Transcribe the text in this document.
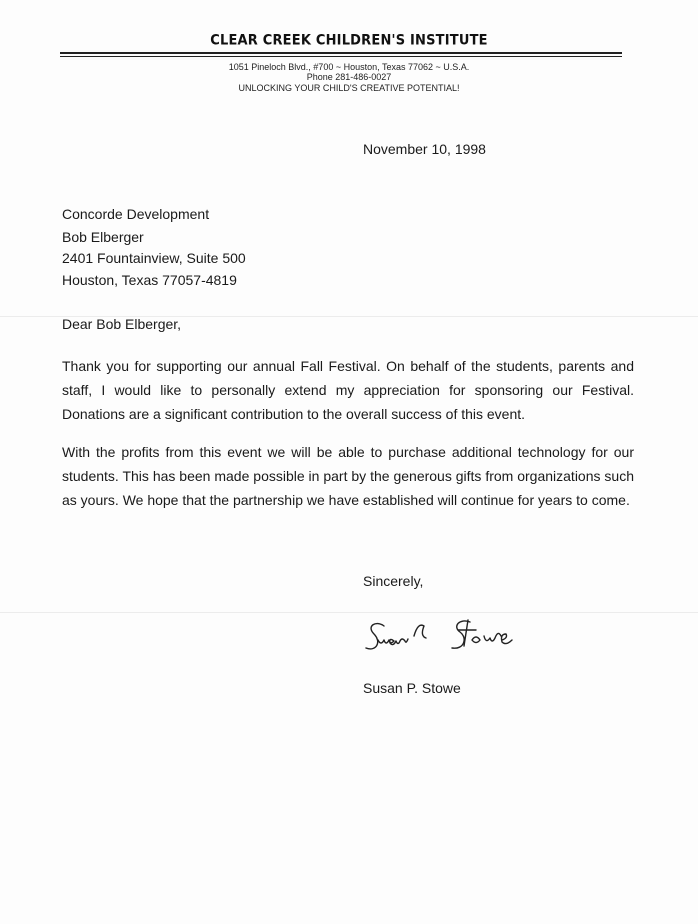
CLEAR CREEK CHILDREN'S INSTITUTE
1051 Pineloch Blvd., #700 ~ Houston, Texas 77062 ~ U.S.A.
Phone 281-486-0027
UNLOCKING YOUR CHILD'S CREATIVE POTENTIAL!
November 10, 1998
Concorde Development
Bob Elberger
2401 Fountainview, Suite 500
Houston, Texas 77057-4819
Dear Bob Elberger,

Thank you for supporting our annual Fall Festival. On behalf of the students, parents and staff, I would like to personally extend my appreciation for sponsoring our Festival. Donations are a significant contribution to the overall success of this event.

With the profits from this event we will be able to purchase additional technology for our students. This has been made possible in part by the generous gifts from organizations such as yours. We hope that the partnership we have established will continue for years to come.

Sincerely,
Susan P. Stowe
